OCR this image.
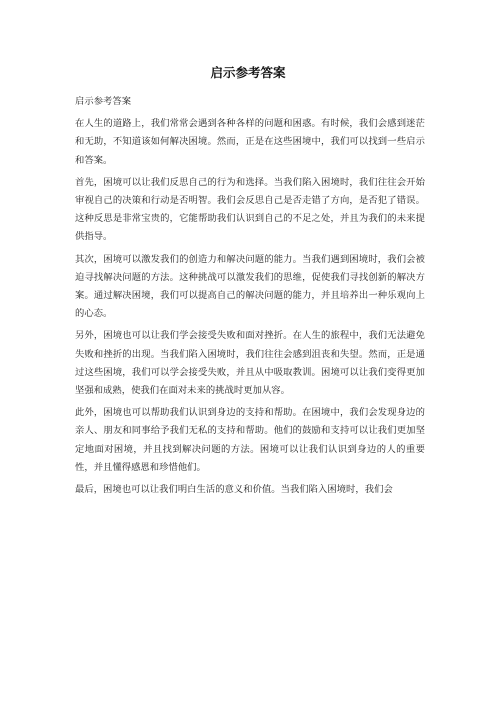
启示参考答案

启示参考答案

在人生的道路上，我们常常会遇到各种各样的问题和困惑。有时候，我们会感到迷茫和无助，不知道该如何解决困境。然而，正是在这些困境中，我们可以找到一些启示和答案。

首先，困境可以让我们反思自己的行为和选择。当我们陷入困境时，我们往往会开始审视自己的决策和行动是否明智。我们会反思自己是否走错了方向，是否犯了错误。这种反思是非常宝贵的，它能帮助我们认识到自己的不足之处，并且为我们的未来提供指导。

其次，困境可以激发我们的创造力和解决问题的能力。当我们遇到困境时，我们会被迫寻找解决问题的方法。这种挑战可以激发我们的思维，促使我们寻找创新的解决方案。通过解决困境，我们可以提高自己的解决问题的能力，并且培养出一种乐观向上的心态。

另外，困境也可以让我们学会接受失败和面对挫折。在人生的旅程中，我们无法避免失败和挫折的出现。当我们陷入困境时，我们往往会感到沮丧和失望。然而，正是通过这些困境，我们可以学会接受失败，并且从中吸取教训。困境可以让我们变得更加坚强和成熟，使我们在面对未来的挑战时更加从容。

此外，困境也可以帮助我们认识到身边的支持和帮助。在困境中，我们会发现身边的亲人、朋友和同事给予我们无私的支持和帮助。他们的鼓励和支持可以让我们更加坚定地面对困境，并且找到解决问题的方法。困境可以让我们认识到身边的人的重要性，并且懂得感恩和珍惜他们。

最后，困境也可以让我们明白生活的意义和价值。当我们陷入困境时，我们会
